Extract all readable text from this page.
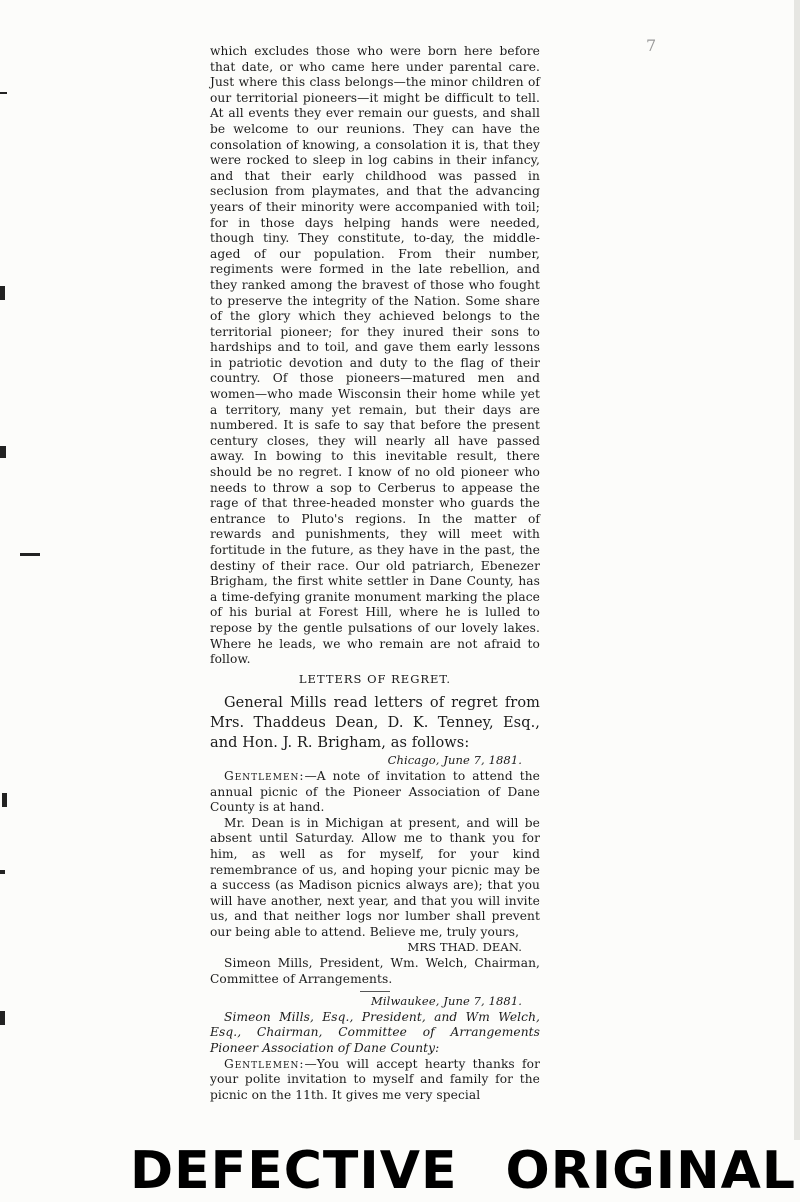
7

which excludes those who were born here before that date, or who came here under parental care. Just where this class belongs—the minor children of our territorial pioneers—it might be difficult to tell. At all events they ever remain our guests, and shall be welcome to our reunions. They can have the consolation of knowing, a consolation it is, that they were rocked to sleep in log cabins in their infancy, and that their early childhood was passed in seclusion from playmates, and that the advancing years of their minority were accompanied with toil; for in those days helping hands were needed, though tiny. They constitute, to-day, the middle-aged of our population. From their number, regiments were formed in the late rebellion, and they ranked among the bravest of those who fought to preserve the integrity of the Nation. Some share of the glory which they achieved belongs to the territorial pioneer; for they inured their sons to hardships and to toil, and gave them early lessons in patriotic devotion and duty to the flag of their country. Of those pioneers—matured men and women—who made Wisconsin their home while yet a territory, many yet remain, but their days are numbered. It is safe to say that before the present century closes, they will nearly all have passed away. In bowing to this inevitable result, there should be no regret. I know of no old pioneer who needs to throw a sop to Cerberus to appease the rage of that three-headed monster who guards the entrance to Pluto's regions. In the matter of rewards and punishments, they will meet with fortitude in the future, as they have in the past, the destiny of their race. Our old patriarch, Ebenezer Brigham, the first white settler in Dane County, has a time-defying granite monument marking the place of his burial at Forest Hill, where he is lulled to repose by the gentle pulsations of our lovely lakes. Where he leads, we who remain are not afraid to follow.

LETTERS OF REGRET.

General Mills read letters of regret from Mrs. Thaddeus Dean, D. K. Tenney, Esq., and Hon. J. R. Brigham, as follows:

Chicago, June 7, 1881.

Gentlemen:—A note of invitation to attend the annual picnic of the Pioneer Association of Dane County is at hand.

Mr. Dean is in Michigan at present, and will be absent until Saturday. Allow me to thank you for him, as well as for myself, for your kind remembrance of us, and hoping your picnic may be a success (as Madison picnics always are); that you will have another, next year, and that you will invite us, and that neither logs nor lumber shall prevent our being able to attend. Believe me, truly yours,

MRS THAD. DEAN.

Simeon Mills, President, Wm. Welch, Chairman, Committee of Arrangements.

Milwaukee, June 7, 1881.

Simeon Mills, Esq., President, and Wm Welch, Esq., Chairman, Committee of Arrangements Pioneer Association of Dane County:

Gentlemen:—You will accept hearty thanks for your polite invitation to myself and family for the picnic on the 11th. It gives me very special

DEFECTIVE ORIGINAL
